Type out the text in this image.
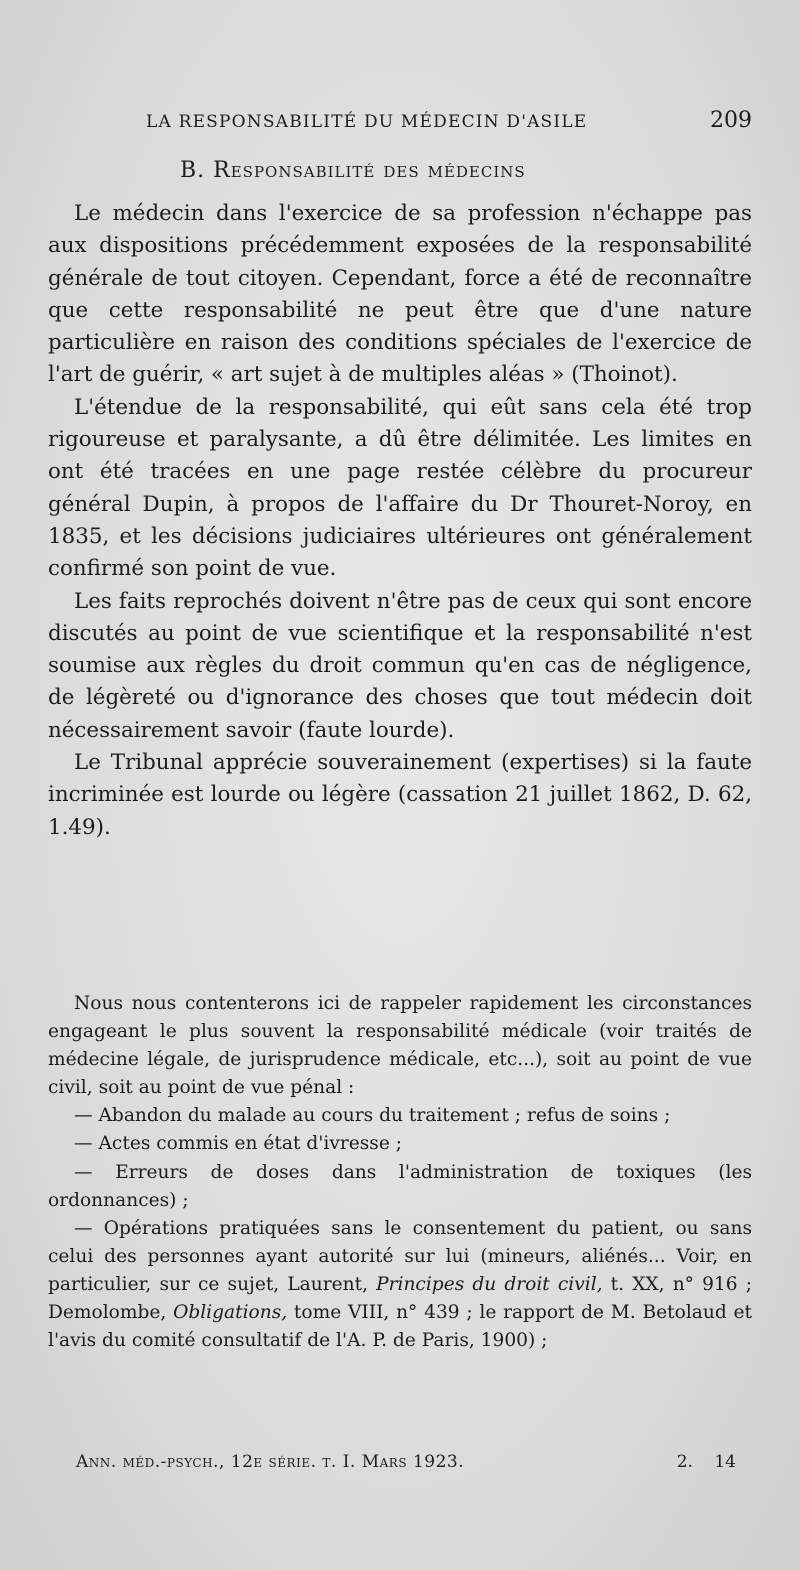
LA RESPONSABILITÉ DU MÉDECIN D'ASILE	209
B. Responsabilité des médecins

Le médecin dans l'exercice de sa profession n'échappe pas aux dispositions précédemment exposées de la responsabilité générale de tout citoyen. Cependant, force a été de reconnaître que cette responsabilité ne peut être que d'une nature particulière en raison des conditions spéciales de l'exercice de l'art de guérir, « art sujet à de multiples aléas » (Thoinot).

L'étendue de la responsabilité, qui eût sans cela été trop rigoureuse et paralysante, a dû être délimitée. Les limites en ont été tracées en une page restée célèbre du procureur général Dupin, à propos de l'affaire du Dr Thouret-Noroy, en 1835, et les décisions judiciaires ultérieures ont généralement confirmé son point de vue.

Les faits reprochés doivent n'être pas de ceux qui sont encore discutés au point de vue scientifique et la responsabilité n'est soumise aux règles du droit commun qu'en cas de négligence, de légèreté ou d'ignorance des choses que tout médecin doit nécessairement savoir (faute lourde).

Le Tribunal apprécie souverainement (expertises) si la faute incriminée est lourde ou légère (cassation 21 juillet 1862, D. 62, 1.49).

Nous nous contenterons ici de rappeler rapidement les circonstances engageant le plus souvent la responsabilité médicale (voir traités de médecine légale, de jurisprudence médicale, etc...), soit au point de vue civil, soit au point de vue pénal :

— Abandon du malade au cours du traitement ; refus de soins ;

— Actes commis en état d'ivresse ;

— Erreurs de doses dans l'administration de toxiques (les ordonnances) ;

— Opérations pratiquées sans le consentement du patient, ou sans celui des personnes ayant autorité sur lui (mineurs, aliénés... Voir, en particulier, sur ce sujet, Laurent, Principes du droit civil, t. XX, n° 916 ; Demolombe, Obligations, tome VIII, n° 439 ; le rapport de M. Betolaud et l'avis du comité consultatif de l'A. P. de Paris, 1900) ;

Ann. méd.-psych., 12e série. t. I. Mars 1923.	2. 14
